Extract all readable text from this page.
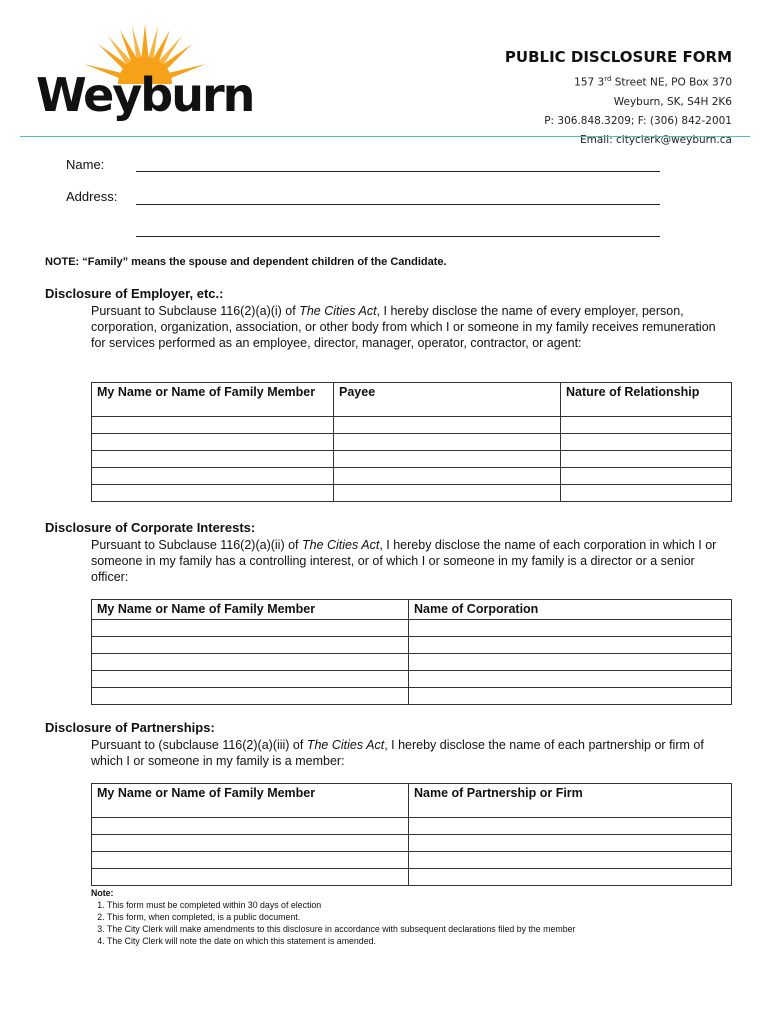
Weyburn
PUBLIC DISCLOSURE FORM
157 3rd Street NE, PO Box 370
Weyburn, SK, S4H 2K6
P: 306.848.3209; F: (306) 842-2001
Email: cityclerk@weyburn.ca
Name:
Address:
NOTE: “Family” means the spouse and dependent children of the Candidate.
Disclosure of Employer, etc.:
Pursuant to Subclause 116(2)(a)(i) of The Cities Act, I hereby disclose the name of every employer, person, corporation, organization, association, or other body from which I or someone in my family receives remuneration for services performed as an employee, director, manager, operator, contractor, or agent:
My Name or Name of Family Member	Payee	Nature of Relationship

Disclosure of Corporate Interests:
Pursuant to Subclause 116(2)(a)(ii) of The Cities Act, I hereby disclose the name of each corporation in which I or someone in my family has a controlling interest, or of which I or someone in my family is a director or a senior officer:
My Name or Name of Family Member	Name of Corporation

Disclosure of Partnerships:
Pursuant to (subclause 116(2)(a)(iii) of The Cities Act, I hereby disclose the name of each partnership or firm of which I or someone in my family is a member:
My Name or Name of Family Member	Name of Partnership or Firm

Note:
1. This form must be completed within 30 days of election
2. This form, when completed, is a public document.
3. The City Clerk will make amendments to this disclosure in accordance with subsequent declarations filed by the member
4. The City Clerk will note the date on which this statement is amended.
